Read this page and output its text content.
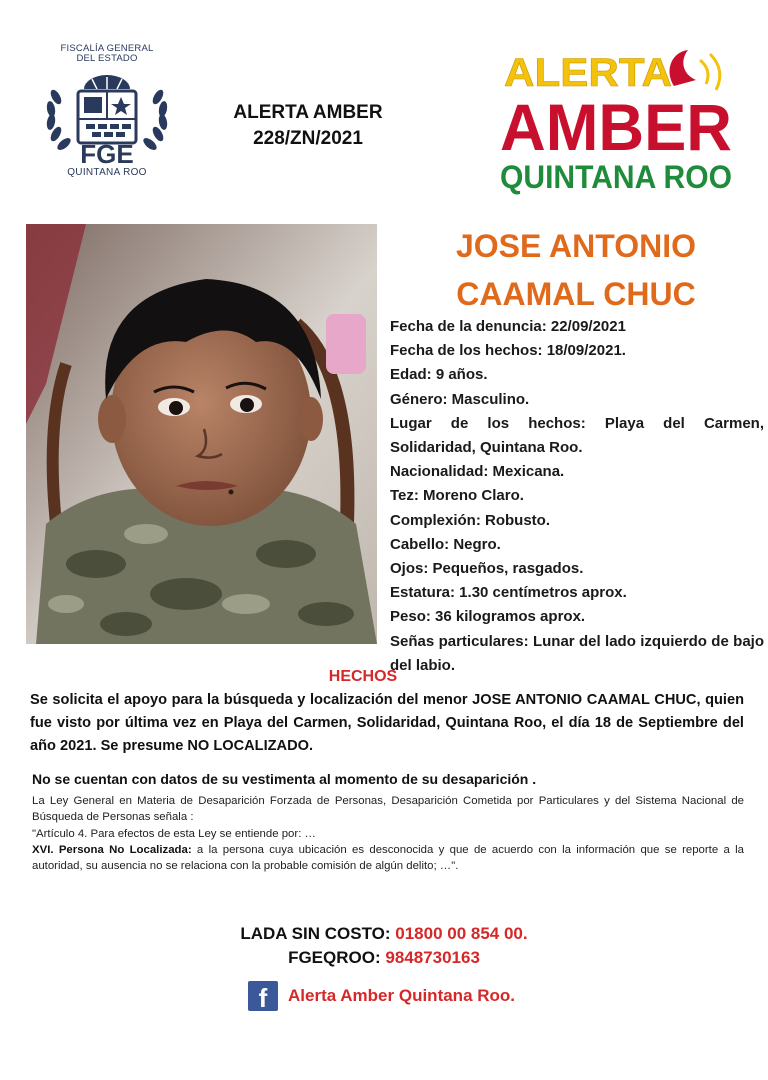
FISCALÍA GENERAL
DEL ESTADO
FGE
QUINTANA ROO
ALERTA AMBER
228/ZN/2021
ALERTA
AMBER
QUINTANA ROO
JOSE ANTONIO
CAAMAL CHUC
Fecha de la denuncia: 22/09/2021
Fecha de los hechos: 18/09/2021.
Edad: 9 años.
Género: Masculino.
Lugar de los hechos: Playa del Carmen, Solidaridad, Quintana Roo.
Nacionalidad: Mexicana.
Tez: Moreno Claro.
Complexión: Robusto.
Cabello: Negro.
Ojos: Pequeños, rasgados.
Estatura: 1.30 centímetros aprox.
Peso: 36 kilogramos aprox.
Señas particulares: Lunar del lado izquierdo de bajo del labio.
HECHOS
Se solicita el apoyo para la búsqueda y localización del menor JOSE ANTONIO CAAMAL CHUC, quien fue visto por última vez en Playa del Carmen, Solidaridad, Quintana Roo, el día 18 de Septiembre del año 2021. Se presume NO LOCALIZADO.
No se cuentan con datos de su vestimenta al momento de su desaparición .
La Ley General en Materia de Desaparición Forzada de Personas, Desaparición Cometida por Particulares y del Sistema Nacional de Búsqueda de Personas señala :
"Artículo 4. Para efectos de esta Ley se entiende por: …
XVI. Persona No Localizada: a la persona cuya ubicación es desconocida y que de acuerdo con la información que se reporte a la autoridad, su ausencia no se relaciona con la probable comisión de algún delito; …".
LADA SIN COSTO: 01800 00 854 00.
FGEQROO: 9848730163
f	Alerta Amber Quintana Roo.
